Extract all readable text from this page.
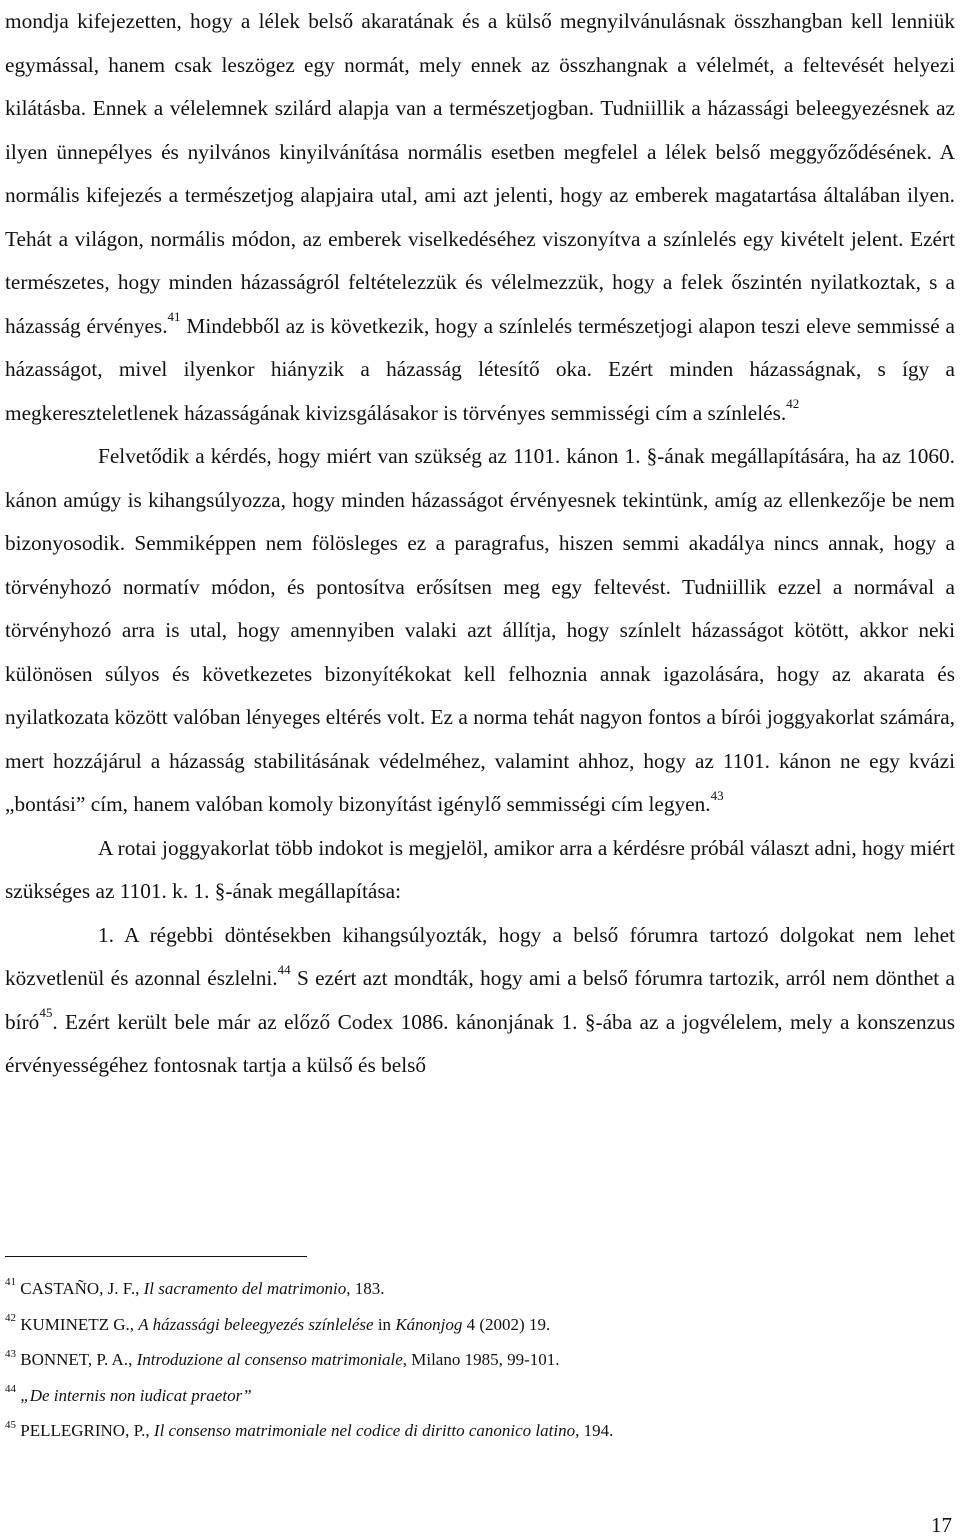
mondja kifejezetten, hogy a lélek belső akaratának és a külső megnyilvánulásnak összhangban kell lenniük egymással, hanem csak leszögez egy normát, mely ennek az összhangnak a vélelmét, a feltevését helyezi kilátásba. Ennek a vélelemnek szilárd alapja van a természetjogban. Tudniillik a házassági beleegyezésnek az ilyen ünnepélyes és nyilvános kinyilvánítása normális esetben megfelel a lélek belső meggyőződésének. A normális kifejezés a természetjog alapjaira utal, ami azt jelenti, hogy az emberek magatartása általában ilyen. Tehát a világon, normális módon, az emberek viselkedéséhez viszonyítva a színlelés egy kivételt jelent. Ezért természetes, hogy minden házasságról feltételezzük és vélelmezzük, hogy a felek őszintén nyilatkoztak, s a házasság érvényes.$^{41}$ Mindebből az is következik, hogy a színlelés természetjogi alapon teszi eleve semmissé a házasságot, mivel ilyenkor hiányzik a házasság létesítő oka. Ezért minden házasságnak, s így a megkereszteletlenek házasságának kivizsgálásakor is törvényes semmisségi cím a színlelés.$^{42}$

Felvetődik a kérdés, hogy miért van szükség az 1101. kánon 1. §-ának megállapítására, ha az 1060. kánon amúgy is kihangsúlyozza, hogy minden házasságot érvényesnek tekintünk, amíg az ellenkezője be nem bizonyosodik. Semmiképpen nem fölösleges ez a paragrafus, hiszen semmi akadálya nincs annak, hogy a törvényhozó normatív módon, és pontosítva erősítsen meg egy feltevést. Tudniillik ezzel a normával a törvényhozó arra is utal, hogy amennyiben valaki azt állítja, hogy színlelt házasságot kötött, akkor neki különösen súlyos és következetes bizonyítékokat kell felhoznia annak igazolására, hogy az akarata és nyilatkozata között valóban lényeges eltérés volt. Ez a norma tehát nagyon fontos a bírói joggyakorlat számára, mert hozzájárul a házasság stabilitásának védelméhez, valamint ahhoz, hogy az 1101. kánon ne egy kvázi „bontási” cím, hanem valóban komoly bizonyítást igénylő semmisségi cím legyen.$^{43}$

A rotai joggyakorlat több indokot is megjelöl, amikor arra a kérdésre próbál választ adni, hogy miért szükséges az 1101. k. 1. §-ának megállapítása:

1. A régebbi döntésekben kihangsúlyozták, hogy a belső fórumra tartozó dolgokat nem lehet közvetlenül és azonnal észlelni.$^{44}$ S ezért azt mondták, hogy ami a belső fórumra tartozik, arról nem dönthet a bíró$^{45}$. Ezért került bele már az előző Codex 1086. kánonjának 1. §-ába az a jogvélelem, mely a konszenzus érvényességéhez fontosnak tartja a külső és belső

$^{41}$ CASTAÑO, J. F., Il sacramento del matrimonio, 183.

$^{42}$ KUMINETZ G., A házassági beleegyezés színlelése in Kánonjog 4 (2002) 19.

$^{43}$ BONNET, P. A., Introduzione al consenso matrimoniale, Milano 1985, 99-101.

$^{44}$ „De internis non iudicat praetor”

$^{45}$ PELLEGRINO, P., Il consenso matrimoniale nel codice di diritto canonico latino, 194.

17
